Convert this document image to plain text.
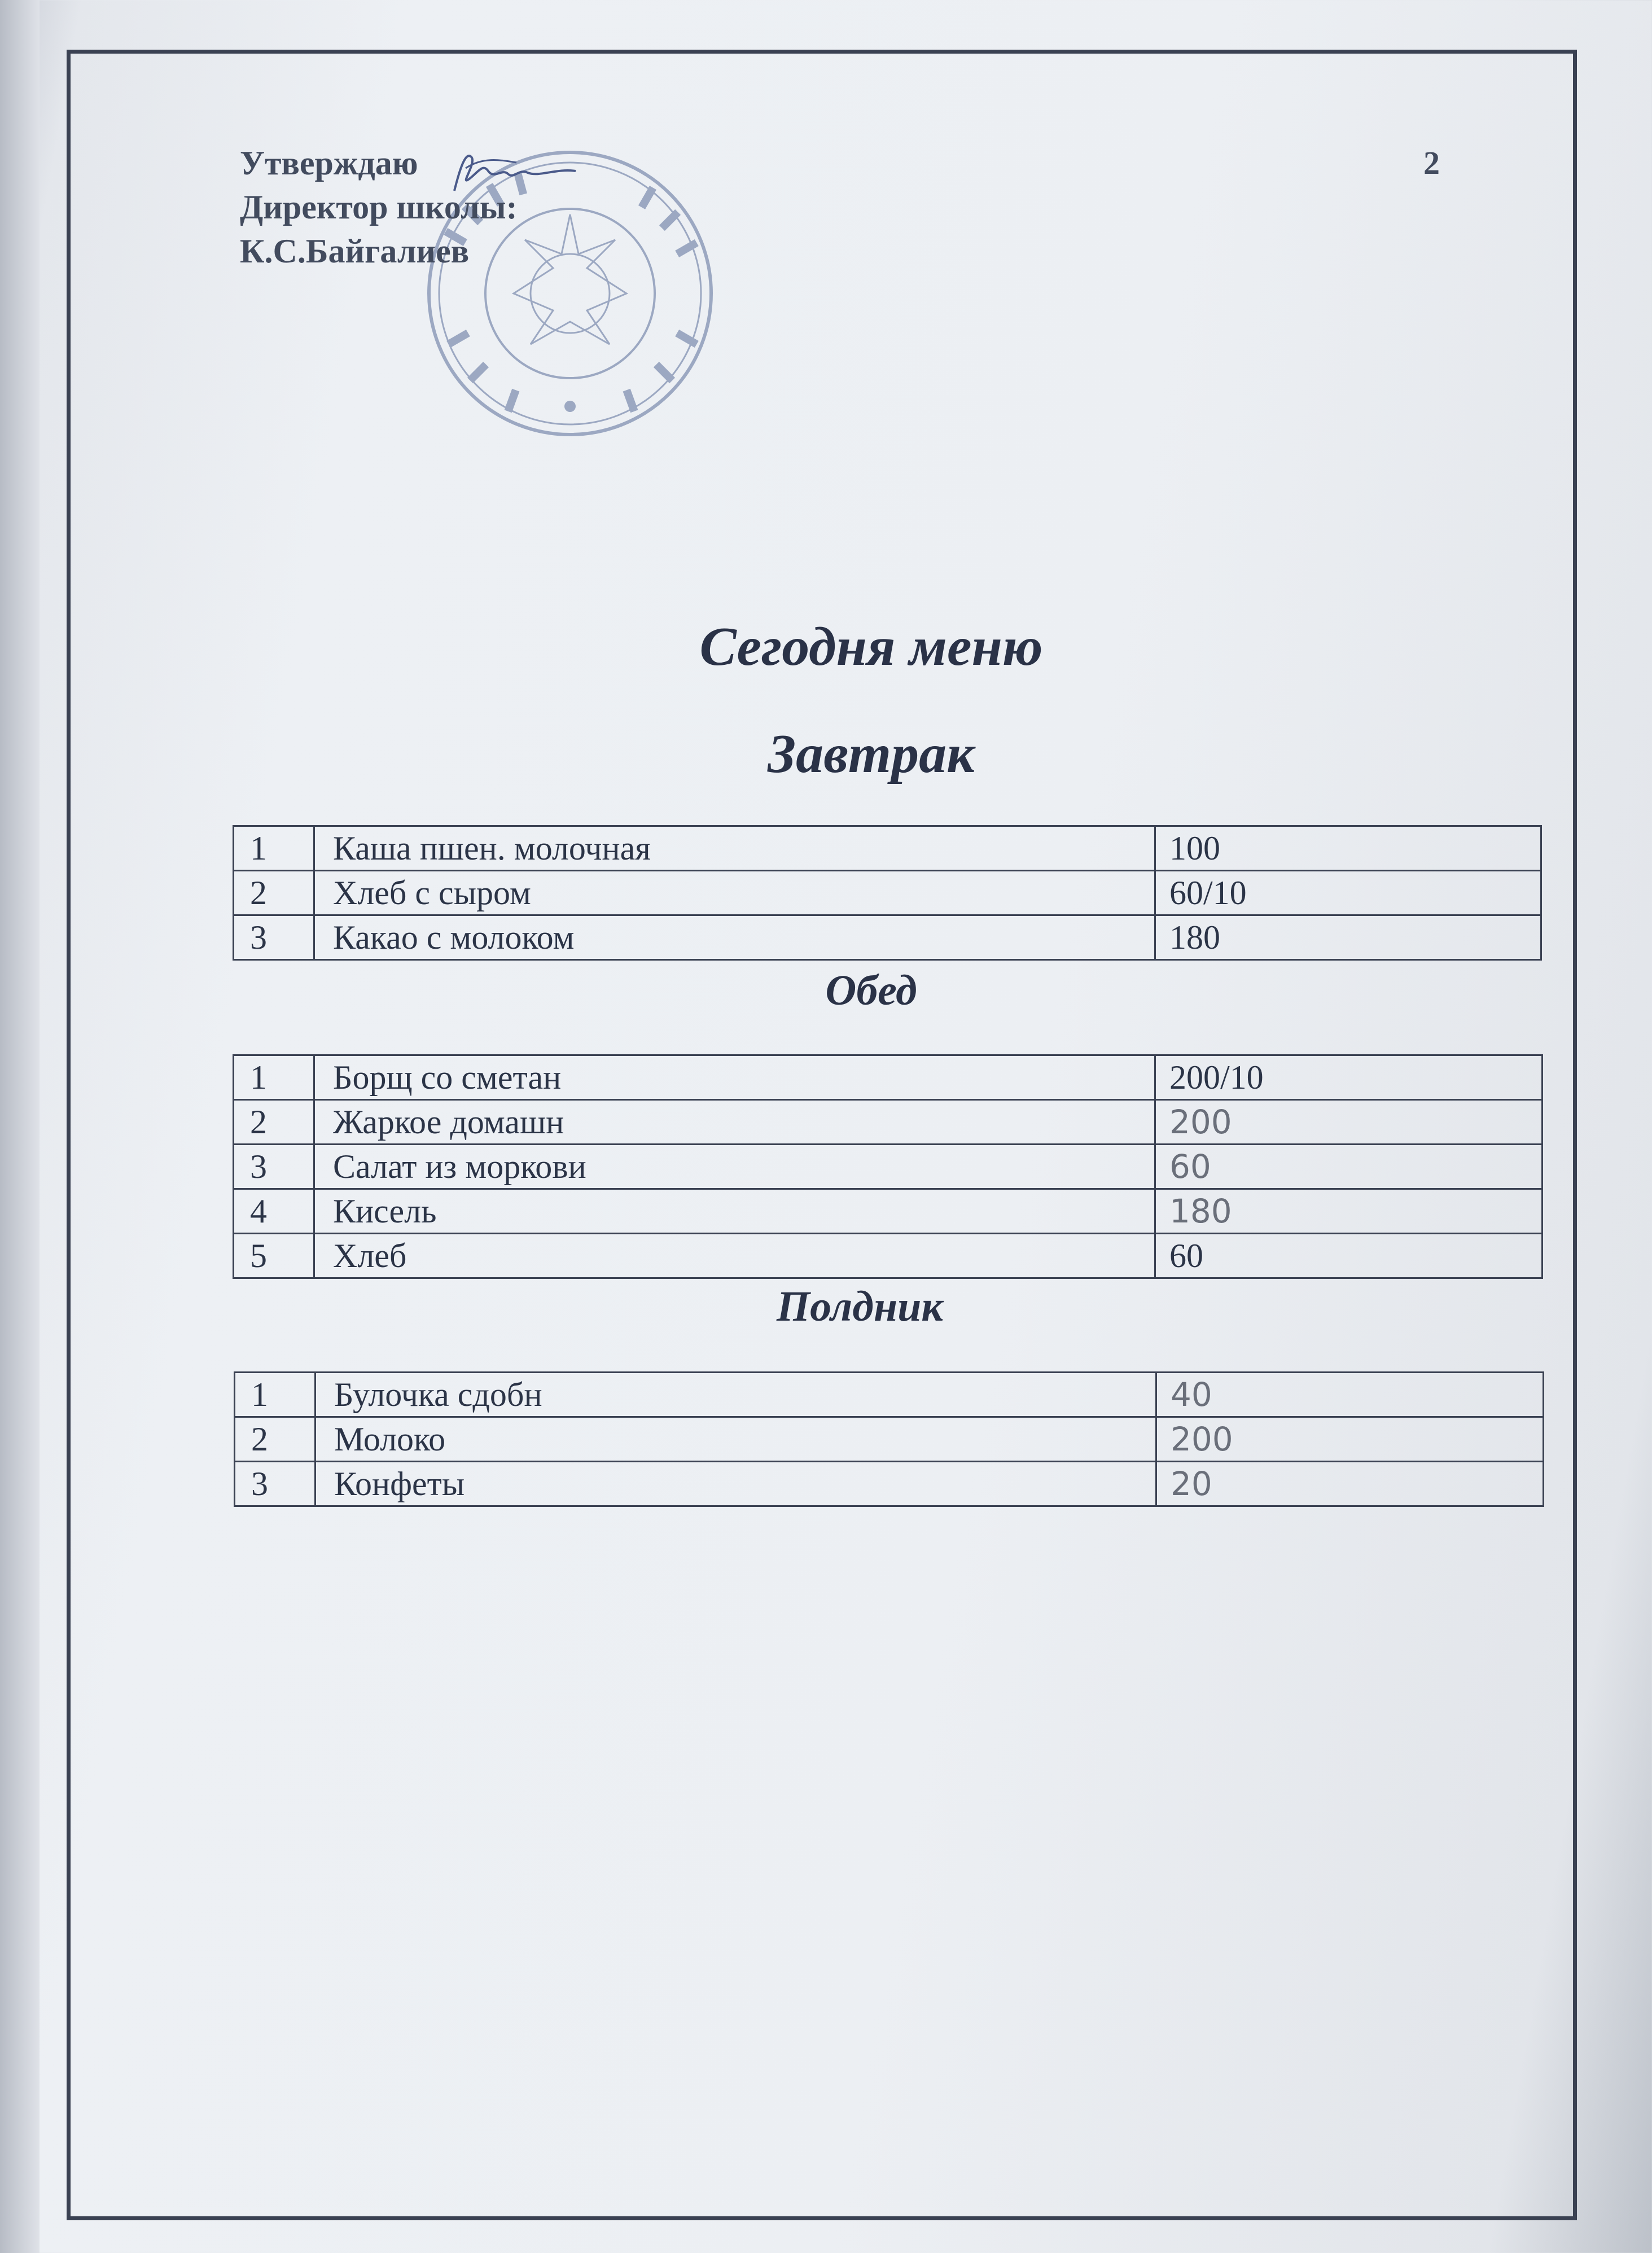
Утверждаю
Директор школы:
К.С.Байгалиев
2
Сегодня меню
Завтрак
1	Каша пшен. молочная	100
2	Хлеб с сыром	60/10
3	Какао с молоком	180
Обед
1	Борщ со сметан	200/10
2	Жаркое домашн	200
3	Салат из моркови	60
4	Кисель	180
5	Хлеб	60
Полдник
1	Булочка сдобн	40
2	Молоко	200
3	Конфеты	20
